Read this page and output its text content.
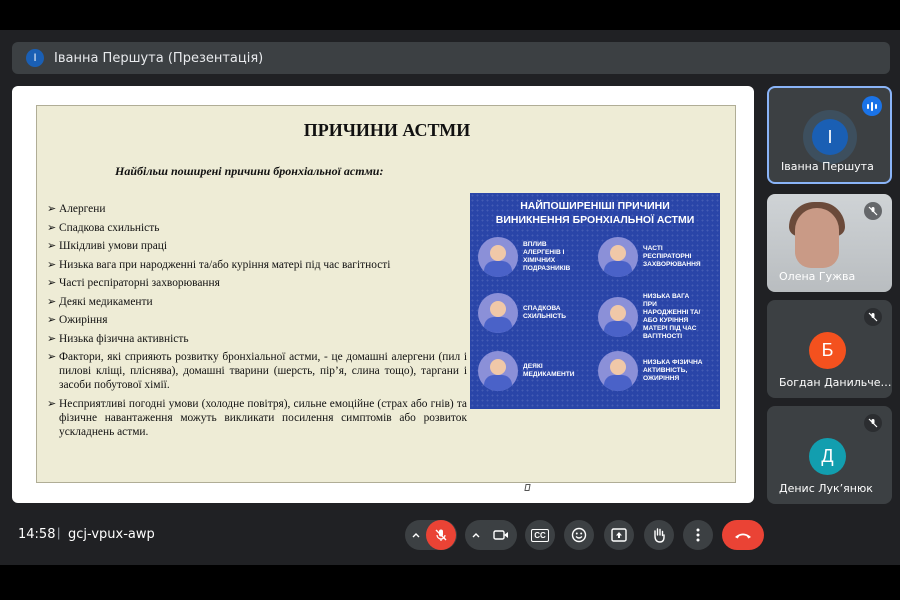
І	Іванна Першута (Презентація)
ПРИЧИНИ АСТМИ
Найбільш поширені причини бронхіальної астми:
➢ Алергени
➢ Спадкова схильність
➢ Шкідливі умови праці
➢ Низька вага при народженні та/або куріння матері під час вагітності
➢ Часті респіраторні захворювання
➢ Деякі медикаменти
➢ Ожиріння
➢ Низька фізична активність
➢ Фактори, які сприяють розвитку бронхіальної астми, - це домашні алергени (пил і пилові кліщі, пліснява), домашні тварини (шерсть, пір’я, слина тощо), таргани і засоби побутової хімії.
➢ Несприятливі погодні умови (холодне повітря), сильне емоційне (страх або гнів) та фізичне навантаження можуть викликати посилення симптомів або розвиток ускладнень астми.
НАЙПОШИРЕНІШІ ПРИЧИНИ
ВИНИКНЕННЯ БРОНХІАЛЬНОЇ АСТМИ
ВПЛИВ АЛЕРГЕНІВ І ХІМІЧНИХ ПОДРАЗНИКІВ
ЧАСТІ РЕСПІРАТОРНІ ЗАХВОРЮВАННЯ
СПАДКОВА СХИЛЬНІСТЬ
НИЗЬКА ВАГА ПРИ НАРОДЖЕННІ ТА/АБО КУРІННЯ МАТЕРІ ПІД ЧАС ВАГІТНОСТІ
ДЕЯКІ МЕДИКАМЕНТИ
НИЗЬКА ФІЗИЧНА АКТИВНІСТЬ, ОЖИРІННЯ
І
Іванна Першута
Олена Гужва
Б
Богдан Данильче…
Д
Денис Лук’янюк
14:58 | gcj-vpux-awp	CC
